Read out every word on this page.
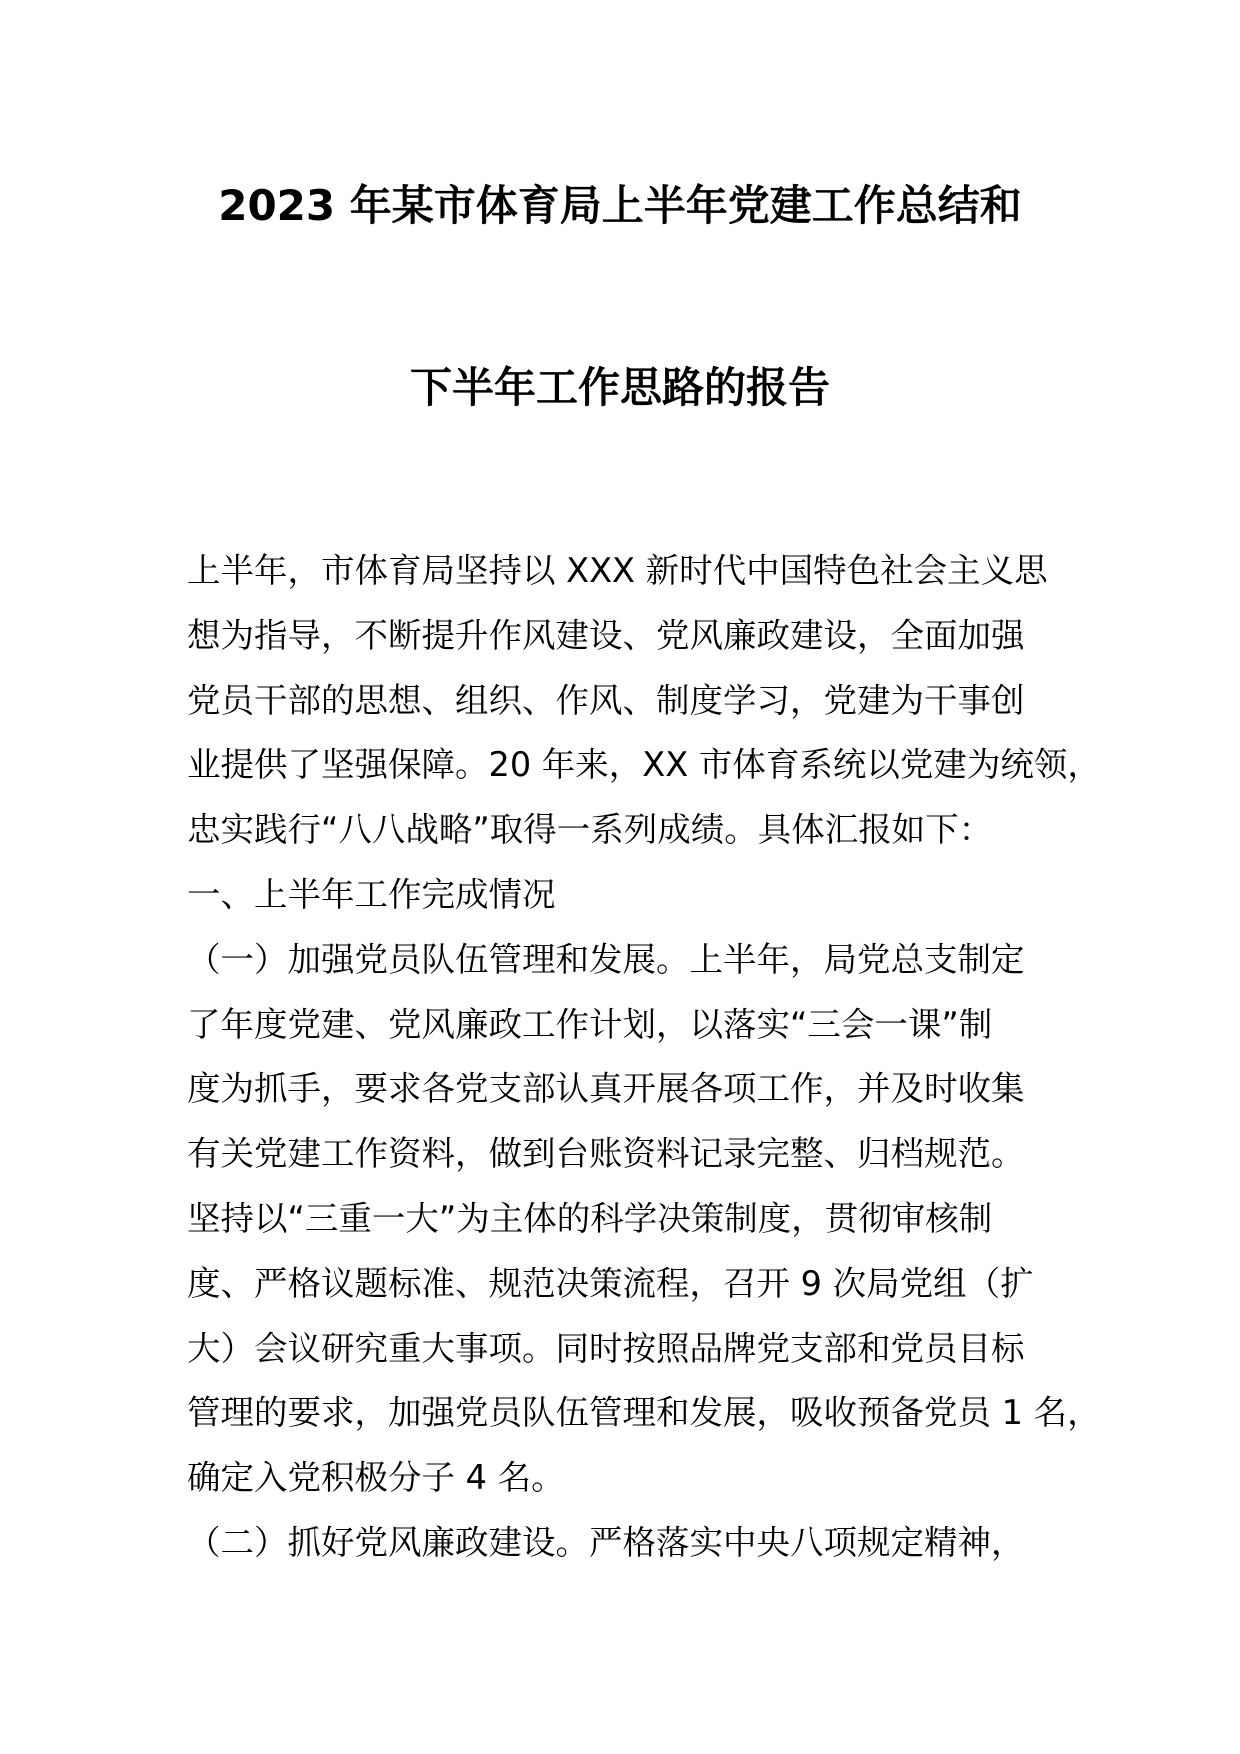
2023 年某市体育局上半年党建工作总结和
下半年工作思路的报告
上半年，市体育局坚持以 XXX 新时代中国特色社会主义思
想为指导，不断提升作风建设、党风廉政建设，全面加强
党员干部的思想、组织、作风、制度学习，党建为干事创
业提供了坚强保障。20 年来，XX 市体育系统以党建为统领，
忠实践行“八八战略”取得一系列成绩。具体汇报如下：
一、上半年工作完成情况
（一）加强党员队伍管理和发展。上半年，局党总支制定
了年度党建、党风廉政工作计划，以落实“三会一课”制
度为抓手，要求各党支部认真开展各项工作，并及时收集
有关党建工作资料，做到台账资料记录完整、归档规范。
坚持以“三重一大”为主体的科学决策制度，贯彻审核制
度、严格议题标准、规范决策流程，召开 9 次局党组（扩
大）会议研究重大事项。同时按照品牌党支部和党员目标
管理的要求，加强党员队伍管理和发展，吸收预备党员 1 名，
确定入党积极分子 4 名。
（二）抓好党风廉政建设。严格落实中央八项规定精神，
